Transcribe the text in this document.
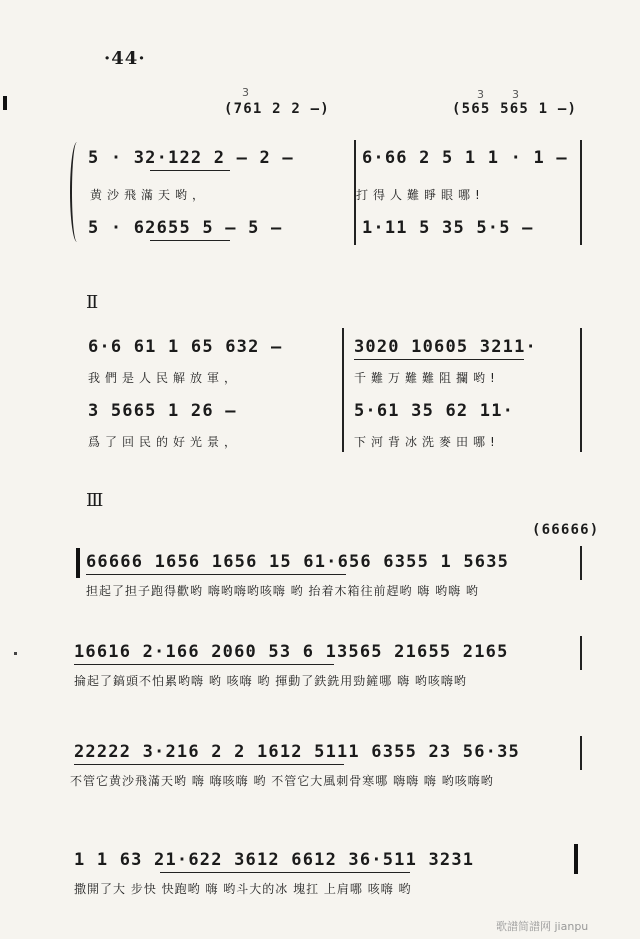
·44·
(761 2 2 —)	(565 565 1 —)
3	3	3
5 · 32·122 2 — 2 —	6·66 2 5 1 1 · 1 —
黄沙飛滿天哟，	打得人難睜眼哪!
5 · 62655 5 — 5 —	1·11 5 35 5·5 —
Ⅱ
6·6 61 1 65 632 —	3020 10605 3211·
我們是人民解放軍，	千難万難難阻攔哟!
3 5665 1 26 —	5·61 35 62 11·
爲了回民的好光景，	下河背冰洗麥田哪!
Ⅲ
(66666)
66666 1656 1656 15 61·656 6355 1 5635
担起了担子跑得歡哟 嗨哟嗨哟咳嗨 哟 抬着木箱往前趕哟 嗨 哟嗨 哟
16616 2·166 2060 53 6 13565 21655 2165
掄起了鎬頭不怕累哟嗨 哟 咳嗨 哟 揮動了鉄銑用勁鏟哪 嗨 哟咳嗨哟
22222 3·216 2 2 1612 5111 6355 23 56·35
不管它黄沙飛滿天哟 嗨 嗨咳嗨 哟 不管它大風刺骨寒哪 嗨嗨 嗨 哟咳嗨哟
1 1 63 21·622 3612 6612 36·511 3231
撒開了大 步快 快跑哟 嗨 哟斗大的冰 塊扛 上肩哪 咳嗨 哟
歌譜简譜网 jianpu
